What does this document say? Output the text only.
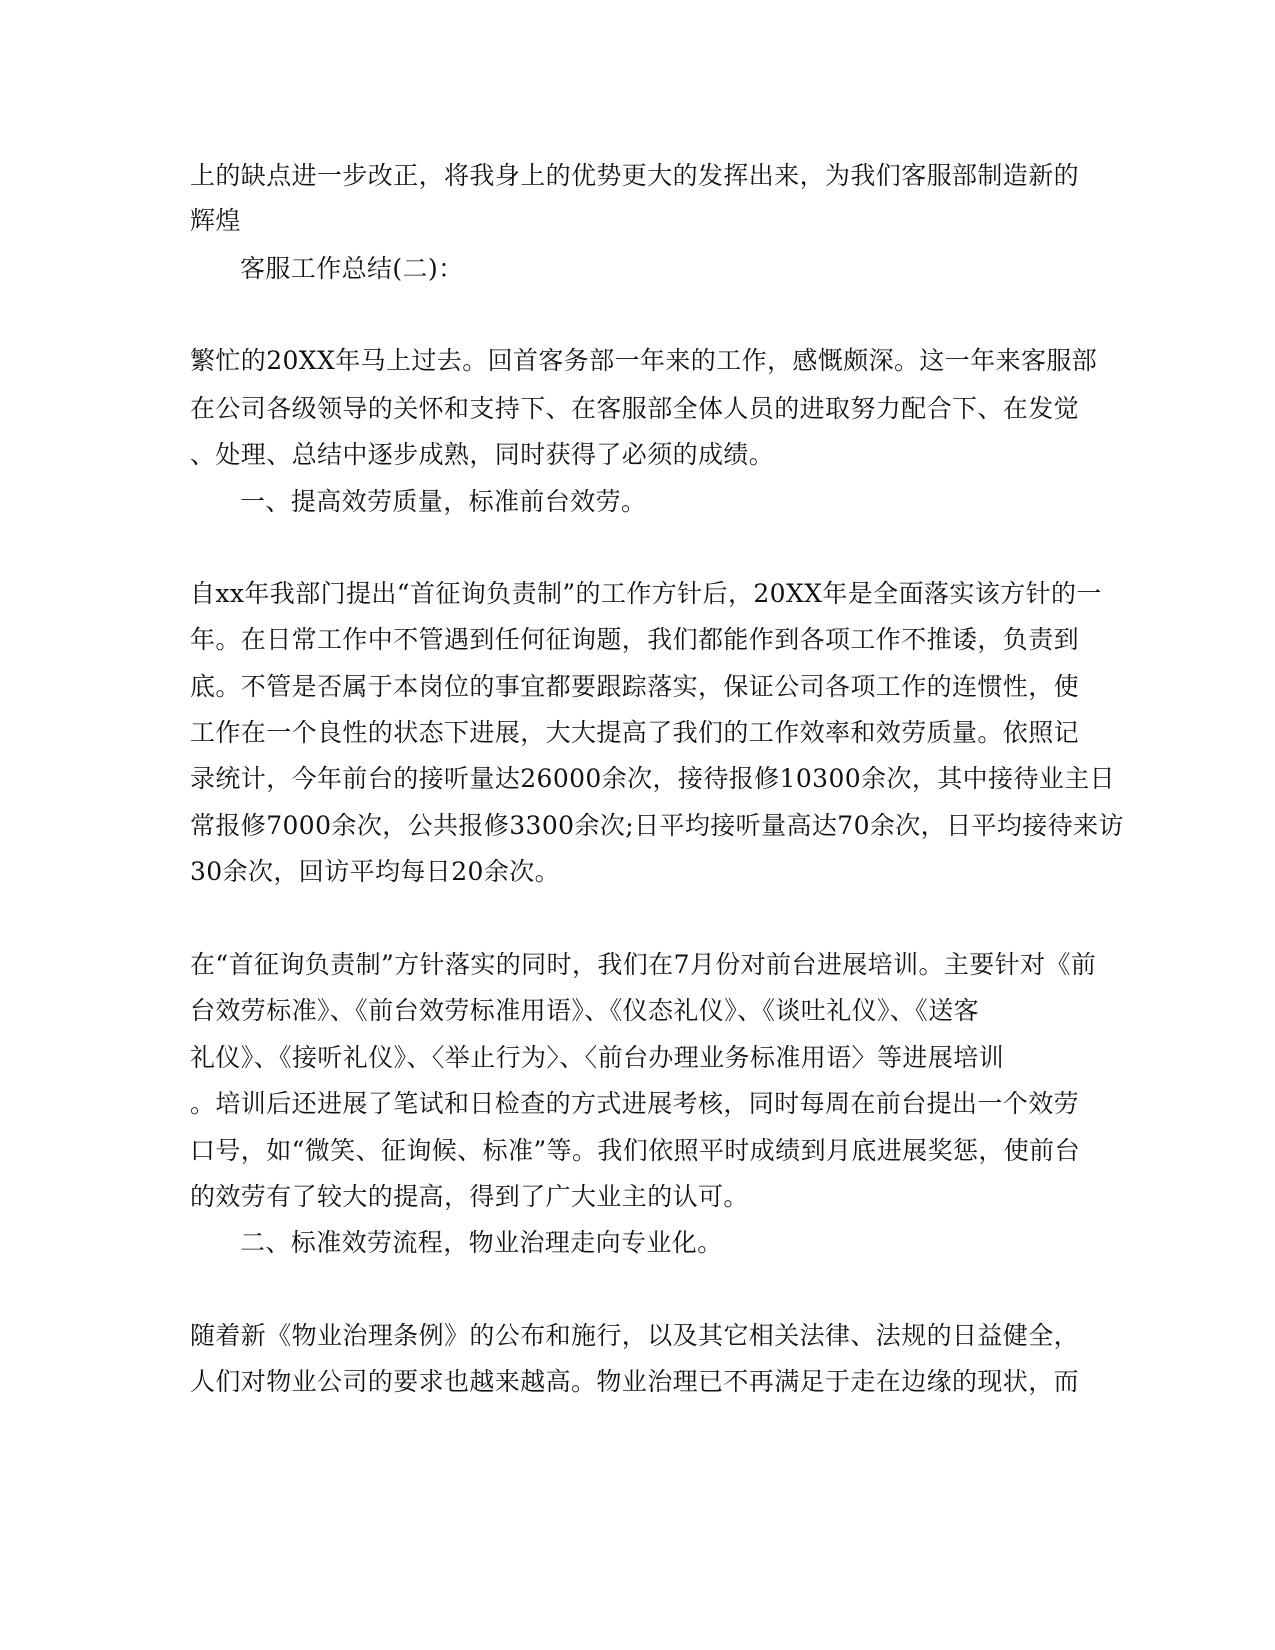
上的缺点进一步改正，将我身上的优势更大的发挥出来，为我们客服部制造新的

辉煌

客服工作总结(二)：

繁忙的20XX年马上过去。回首客务部一年来的工作，感慨颇深。这一年来客服部

在公司各级领导的关怀和支持下、在客服部全体人员的进取努力配合下、在发觉

、处理、总结中逐步成熟，同时获得了必须的成绩。

一、提高效劳质量，标准前台效劳。

自xx年我部门提出“首征询负责制”的工作方针后，20XX年是全面落实该方针的一

年。在日常工作中不管遇到任何征询题，我们都能作到各项工作不推诿，负责到

底。不管是否属于本岗位的事宜都要跟踪落实，保证公司各项工作的连惯性，使

工作在一个良性的状态下进展，大大提高了我们的工作效率和效劳质量。依照记

录统计，今年前台的接听量达26000余次，接待报修10300余次，其中接待业主日

常报修7000余次，公共报修3300余次;日平均接听量高达70余次，日平均接待来访

30余次，回访平均每日20余次。

在“首征询负责制”方针落实的同时，我们在7月份对前台进展培训。主要针对《前

台效劳标准》、《前台效劳标准用语》、《仪态礼仪》、《谈吐礼仪》、《送客

礼仪》、《接听礼仪》、〈举止行为〉、〈前台办理业务标准用语〉等进展培训

。培训后还进展了笔试和日检查的方式进展考核，同时每周在前台提出一个效劳

口号，如“微笑、征询候、标准”等。我们依照平时成绩到月底进展奖惩，使前台

的效劳有了较大的提高，得到了广大业主的认可。

二、标准效劳流程，物业治理走向专业化。

随着新《物业治理条例》的公布和施行，以及其它相关法律、法规的日益健全，

人们对物业公司的要求也越来越高。物业治理已不再满足于走在边缘的现状，而
